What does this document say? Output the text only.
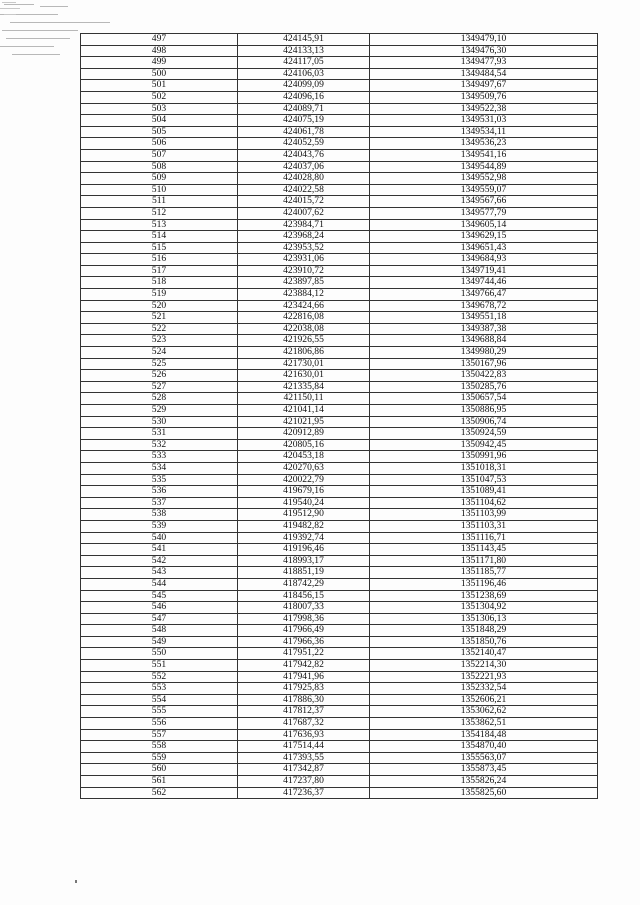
497	424145,91	1349479,10
498	424133,13	1349476,30
499	424117,05	1349477,93
500	424106,03	1349484,54
501	424099,09	1349497,67
502	424096,16	1349509,76
503	424089,71	1349522,38
504	424075,19	1349531,03
505	424061,78	1349534,11
506	424052,59	1349536,23
507	424043,76	1349541,16
508	424037,06	1349544,89
509	424028,80	1349552,98
510	424022,58	1349559,07
511	424015,72	1349567,66
512	424007,62	1349577,79
513	423984,71	1349605,14
514	423968,24	1349629,15
515	423953,52	1349651,43
516	423931,06	1349684,93
517	423910,72	1349719,41
518	423897,85	1349744,46
519	423884,12	1349766,47
520	423424,66	1349678,72
521	422816,08	1349551,18
522	422038,08	1349387,38
523	421926,55	1349688,84
524	421806,86	1349980,29
525	421730,01	1350167,96
526	421630,01	1350422,83
527	421335,84	1350285,76
528	421150,11	1350657,54
529	421041,14	1350886,95
530	421021,95	1350906,74
531	420912,89	1350924,59
532	420805,16	1350942,45
533	420453,18	1350991,96
534	420270,63	1351018,31
535	420022,79	1351047,53
536	419679,16	1351089,41
537	419540,24	1351104,62
538	419512,90	1351103,99
539	419482,82	1351103,31
540	419392,74	1351116,71
541	419196,46	1351143,45
542	418993,17	1351171,80
543	418851,19	1351185,77
544	418742,29	1351196,46
545	418456,15	1351238,69
546	418007,33	1351304,92
547	417998,36	1351306,13
548	417966,49	1351848,29
549	417966,36	1351850,76
550	417951,22	1352140,47
551	417942,82	1352214,30
552	417941,96	1352221,93
553	417925,83	1352332,54
554	417886,30	1352606,21
555	417812,37	1353062,62
556	417687,32	1353862,51
557	417636,93	1354184,48
558	417514,44	1354870,40
559	417393,55	1355563,07
560	417342,87	1355873,45
561	417237,80	1355826,24
562	417236,37	1355825,60
